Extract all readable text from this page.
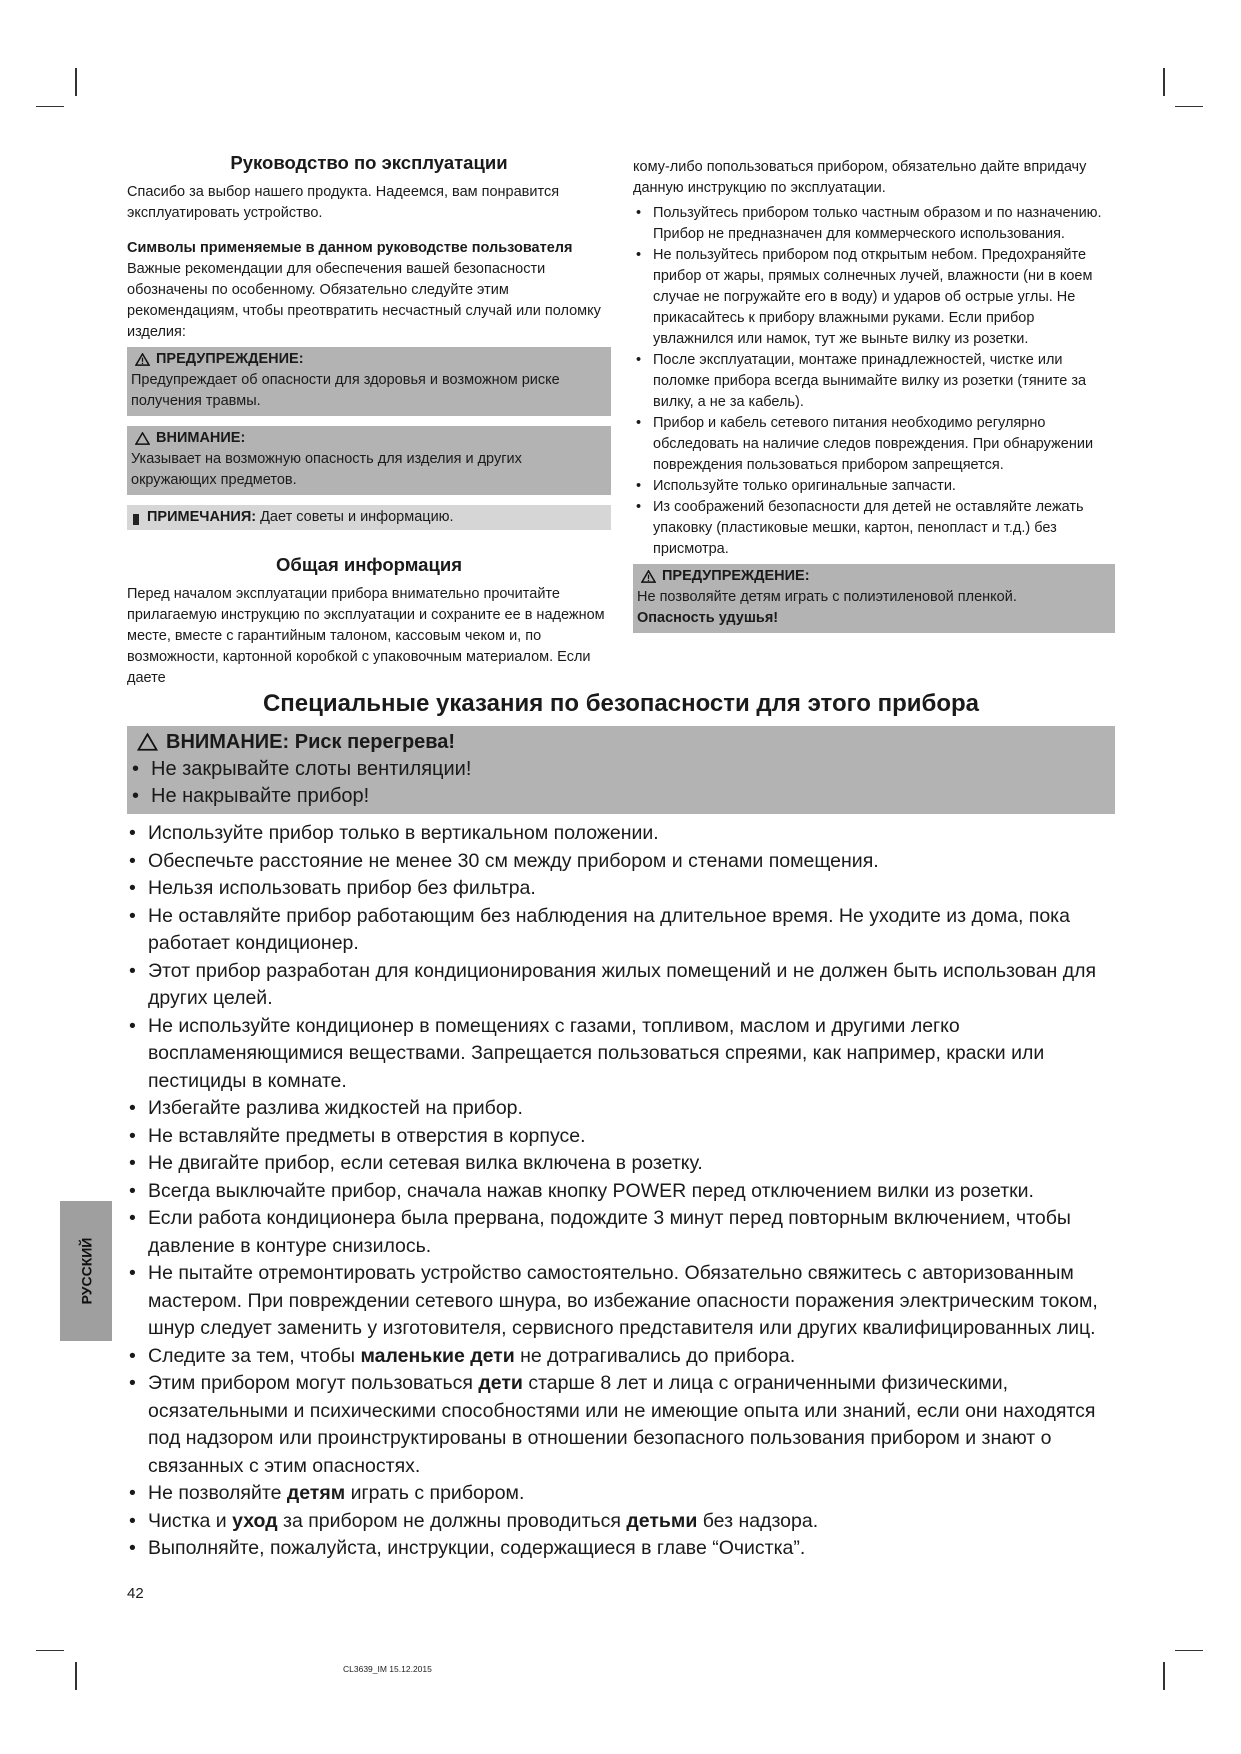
Руководство по эксплуатации

Спасибо за выбор нашего продукта. Надеемся, вам понравится эксплуатировать устройство.

Символы применяемые в данном руководстве пользователя

Важные рекомендации для обеспечения вашей безопасности обозначены по особенному. Обязательно следуйте этим рекомендациям, чтобы преотвратить несчастный случай или поломку изделия:

ПРЕДУПРЕЖДЕНИЕ:

Предупреждает об опасности для здоровья и возможном риске получения травмы.

ВНИМАНИЕ:

Указывает на возможную опасность для изделия и других окружающих предметов.

ПРИМЕЧАНИЯ:
Дает советы и информацию.
Общая информация

Перед началом эксплуатации прибора внимательно прочитайте прилагаемую инструкцию по эксплуатации и сохраните ее в надежном месте, вместе с гарантийным талоном, кассовым чеком и, по возможности, картонной коробкой с упаковочным материалом. Если даете

кому-либо попользоваться прибором, обязательно дайте впридачу данную инструкцию по эксплуатации.

• Пользуйтесь прибором только частным образом и по назначению. Прибор не предназначен для коммерческого использования.
• Не пользуйтесь прибором под открытым небом. Предохраняйте прибор от жары, прямых солнечных лучей, влажности (ни в коем случае не погружайте его в воду) и ударов об острые углы. Не прикасайтесь к прибору влажными руками. Если прибор увлажнился или намок, тут же выньте вилку из розетки.
• После эксплуатации, монтаже принадлежностей, чистке или поломке прибора всегда вынимайте вилку из розетки (тяните за вилку, а не за кабель).
• Прибор и кабель сетевого питания необходимо регулярно обследовать на наличие следов повреждения. При обнаружении повреждения пользоваться прибором запрещяется.
• Используйте только оригинальные запчасти.
• Из соображений безопасности для детей не оставляйте лежать упаковку (пластиковые мешки, картон, пенопласт и т.д.) без присмотра.
ПРЕДУПРЕЖДЕНИЕ:

Не позволяйте детям играть с полиэтиленовой пленкой.

Опасность удушья!

Специальные указания по безопасности для этого прибора
ВНИМАНИЕ: Риск перегрева!
• Не закрывайте слоты вентиляции!
• Не накрывайте прибор!
• Используйте прибор только в вертикальном положении.
• Обеспечьте расстояние не менее 30 см между прибором и стенами помещения.
• Нельзя использовать прибор без фильтра.
• Не оставляйте прибор работающим без наблюдения на длительное время. Не уходите из дома, пока работает кондиционер.
• Этот прибор разработан для кондиционирования жилых помещений и не должен быть использован для других целей.
• Не используйте кондиционер в помещениях с газами, топливом, маслом и другими легко воспламеняющимися веществами. Запрещается пользоваться спреями, как например, краски или пестициды в комнате.
• Избегайте разлива жидкостей на прибор.
• Не вставляйте предметы в отверстия в корпусе.
• Не двигайте прибор, если сетевая вилка включена в розетку.
• Всегда выключайте прибор, сначала нажав кнопку POWER перед отключением вилки из розетки.
• Если работа кондиционера была прервана, подождите 3 минут перед повторным включением, чтобы давление в контуре снизилось.
• Не пытайте отремонтировать устройство самостоятельно. Обязательно свяжитесь с авторизованным мастером. При повреждении сетевого шнура, во избежание опасности поражения электрическим током, шнур следует заменить у изготовителя, сервисного представителя или других квалифицированных лиц.
• Следите за тем, чтобы маленькие дети не дотрагивались до прибора.
• Этим прибором могут пользоваться дети старше 8 лет и лица с ограниченными физическими, осязательными и психическими способностями или не имеющие опыта или знаний, если они находятся под надзором или проинструктированы в отношении безопасного пользования прибором и знают о связанных с этим опасностях.
• Не позволяйте детям играть с прибором.
• Чистка и уход за прибором не должны проводиться детьми без надзора.
• Выполняйте, пожалуйста, инструкции, содержащиеся в главе “Очистка”.
РУССКИЙ
42
CL3639_IM 15.12.2015
